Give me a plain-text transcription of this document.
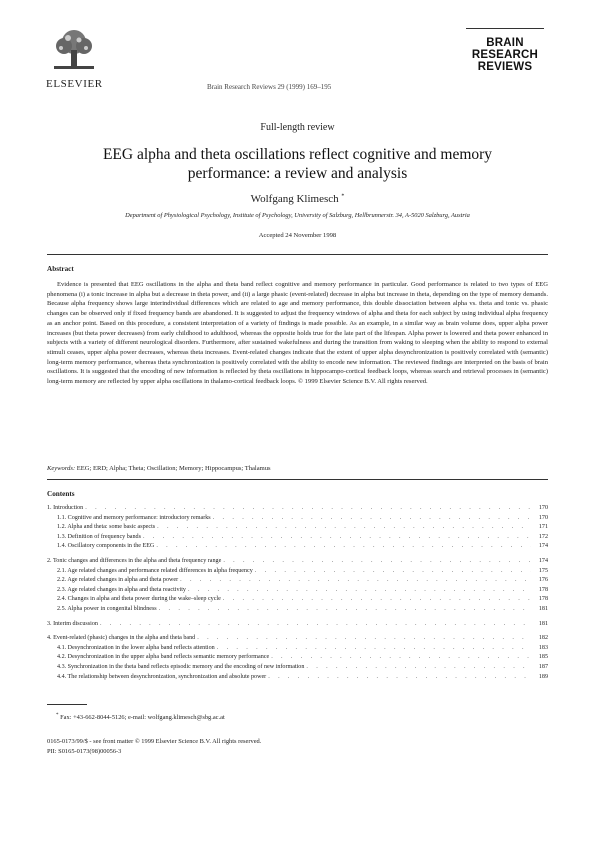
ELSEVIER	Brain Research Reviews 29 (1999) 169–195
BRAIN
RESEARCH
REVIEWS
Full-length review
EEG alpha and theta oscillations reflect cognitive and memory
performance: a review and analysis
Wolfgang Klimesch *
Department of Physiological Psychology, Institute of Psychology, University of Salzburg, Hellbrunnerstr. 34, A-5020 Salzburg, Austria
Accepted 24 November 1998
Abstract
Evidence is presented that EEG oscillations in the alpha and theta band reflect cognitive and memory performance in particular. Good performance is related to two types of EEG phenomena (i) a tonic increase in alpha but a decrease in theta power, and (ii) a large phasic (event-related) decrease in alpha but increase in theta, depending on the type of memory demands. Because alpha frequency shows large interindividual differences which are related to age and memory performance, this double dissociation between alpha vs. theta and tonic vs. phasic changes can be observed only if fixed frequency bands are abandoned. It is suggested to adjust the frequency windows of alpha and theta for each subject by using individual alpha frequency as an anchor point. Based on this procedure, a consistent interpretation of a variety of findings is made possible. As an example, in a similar way as brain volume does, upper alpha power increases (but theta power decreases) from early childhood to adulthood, whereas the opposite holds true for the late part of the lifespan. Alpha power is lowered and theta power enhanced in subjects with a variety of different neurological disorders. Furthermore, after sustained wakefulness and during the transition from waking to sleeping when the ability to respond to external stimuli ceases, upper alpha power decreases, whereas theta increases. Event-related changes indicate that the extent of upper alpha desynchronization is positively correlated with (semantic) long-term memory performance, whereas theta synchronization is positively correlated with the ability to encode new information. The reviewed findings are interpreted on the basis of brain oscillations. It is suggested that the encoding of new information is reflected by theta oscillations in hippocampo-cortical feedback loops, whereas search and retrieval processes in (semantic) long-term memory are reflected by upper alpha oscillations in thalamo-cortical feedback loops. © 1999 Elsevier Science B.V. All rights reserved.
Keywords: EEG; ERD; Alpha; Theta; Oscillation; Memory; Hippocampus; Thalamus
Contents
1. Introduction . . .	170
1.1. Cognitive and memory performance: introductory remarks . . .	170
1.2. Alpha and theta: some basic aspects . . .	171
1.3. Definition of frequency bands . . .	172
1.4. Oscillatory components in the EEG . . .	174
2. Tonic changes and differences in the alpha and theta frequency range . . .	174
2.1. Age related changes and performance related differences in alpha frequency . . .	175
2.2. Age related changes in alpha and theta power . . .	176
2.3. Age related changes in alpha and theta reactivity . . .	178
2.4. Changes in alpha and theta power during the wake–sleep cycle . . .	178
2.5. Alpha power in congenital blindness . . .	181
3. Interim discussion . . .	181
4. Event-related (phasic) changes in the alpha and theta band . . .	182
4.1. Desynchronization in the lower alpha band reflects attention . . .	183
4.2. Desynchronization in the upper alpha band reflects semantic memory performance . . .	185
4.3. Synchronization in the theta band reflects episodic memory and the encoding of new information . . .	187
4.4. The relationship between desynchronization, synchronization and absolute power . . .	189
* Fax: +43-662-8044-5126; e-mail: wolfgang.klimesch@sbg.ac.at
0165-0173/99/$ - see front matter © 1999 Elsevier Science B.V. All rights reserved.
PII: S0165-0173(98)00056-3
